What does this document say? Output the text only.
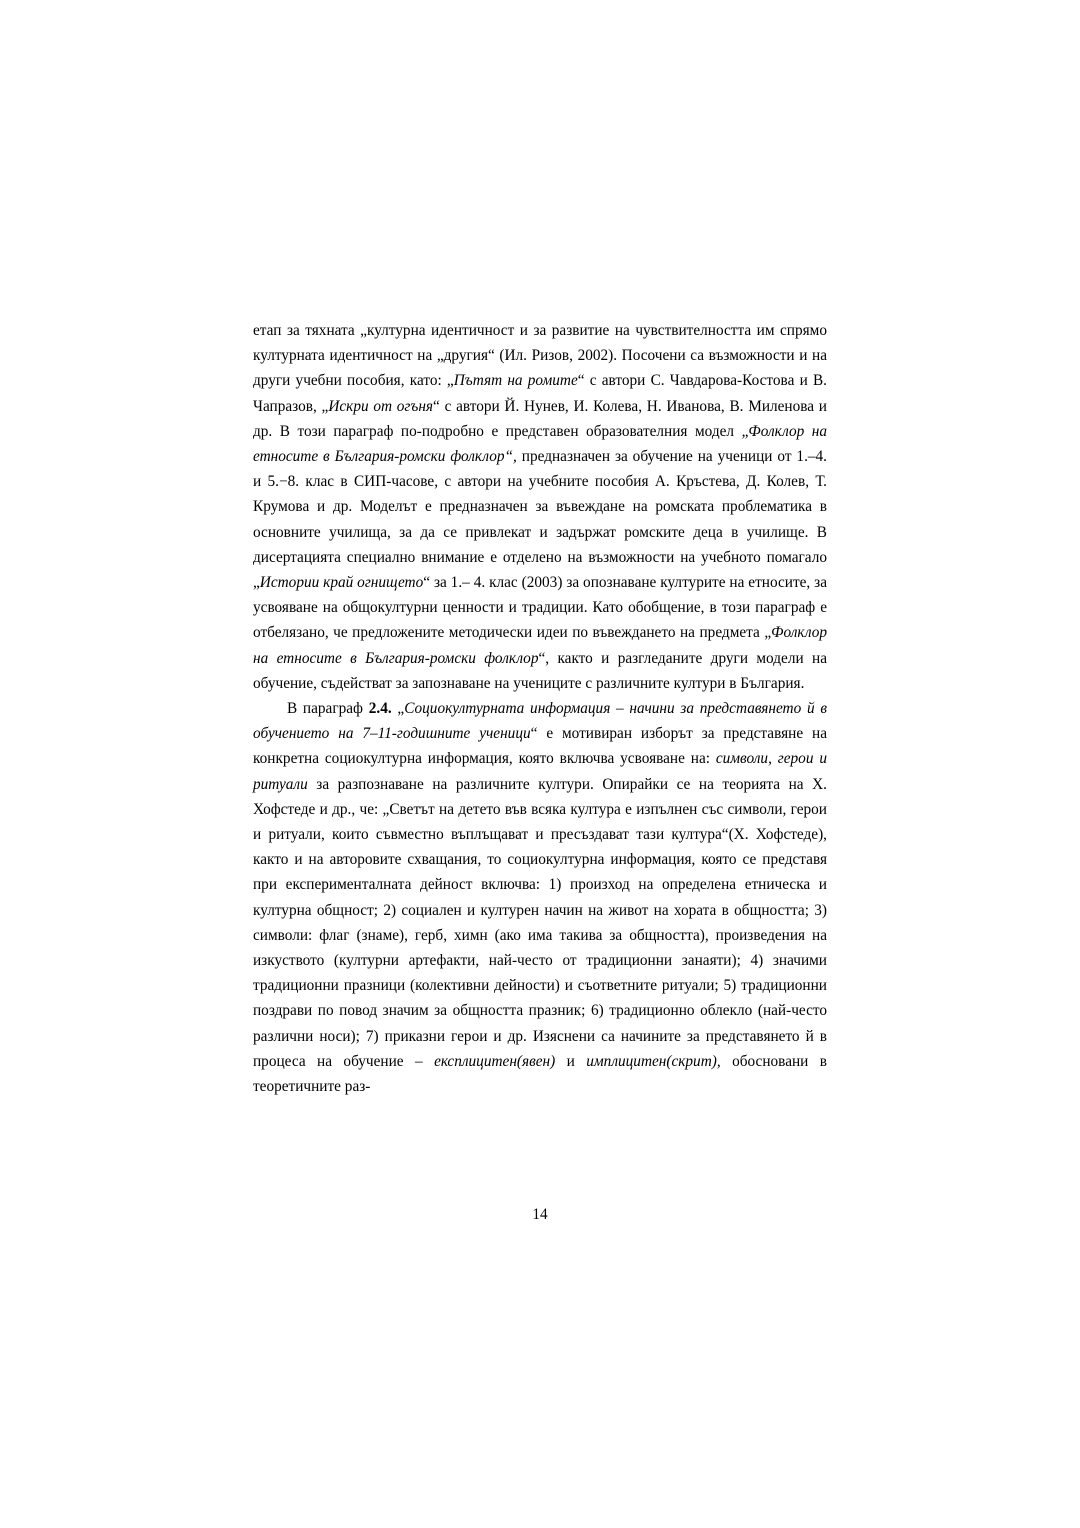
етап за тяхната „културна идентичност и за развитие на чувствителността им спрямо културната идентичност на „другия“ (Ил. Ризов, 2002). Посочени са възможности и на други учебни пособия, като: „Пътят на ромите“ с автори С. Чавдарова-Костова и В. Чапразов, „Искри от огъня“ с автори Й. Нунев, И. Колева, Н. Иванова, В. Миленова и др. В този параграф по-подробно е представен образователния модел „Фолклор на етносите в България-ромски фолклор“, предназначен за обучение на ученици от 1.–4. и 5.−8. клас в СИП-часове, с автори на учебните пособия А. Кръстева, Д. Колев, Т. Крумова и др. Моделът е предназначен за въвеждане на ромската проблематика в основните училища, за да се привлекат и задържат ромските деца в училище. В дисертацията специално внимание е отделено на възможности на учебното помагало „Истории край огнището“ за 1.– 4. клас (2003) за опознаване културите на етносите, за усвояване на общокултурни ценности и традиции. Като обобщение, в този параграф е отбелязано, че предложените методически идеи по въвеждането на предмета „Фолклор на етносите в България-ромски фолклор“, както и разгледаните други модели на обучение, съдействат за запознаване на учениците с различните култури в България.

В параграф 2.4. „Социокултурната информация – начини за представянето й в обучението на 7–11-годишните ученици“ е мотивиран изборът за представяне на конкретна социокултурна информация, която включва усвояване на: символи, герои и ритуали за разпознаване на различните култури. Опирайки се на теорията на Х. Хофстеде и др., че: „Светът на детето във всяка култура е изпълнен със символи, герои и ритуали, които съвместно въплъщават и пресъздават тази култура“(Х. Хофстеде), както и на авторовите схващания, то социокултурна информация, която се представя при експерименталната дейност включва: 1) произход на определена етническа и културна общност; 2) социален и културен начин на живот на хората в общността; 3) символи: флаг (знаме), герб, химн (ако има такива за общността), произведения на изкуството (културни артефакти, най-често от традиционни занаяти); 4) значими традиционни празници (колективни дейности) и съответните ритуали; 5) традиционни поздрави по повод значим за общността празник; 6) традиционно облекло (най-често различни носи); 7) приказни герои и др. Изяснени са начините за представянето й в процеса на обучение – експлицитен(явен) и имплицитен(скрит), обосновани в теоретичните раз-

14
